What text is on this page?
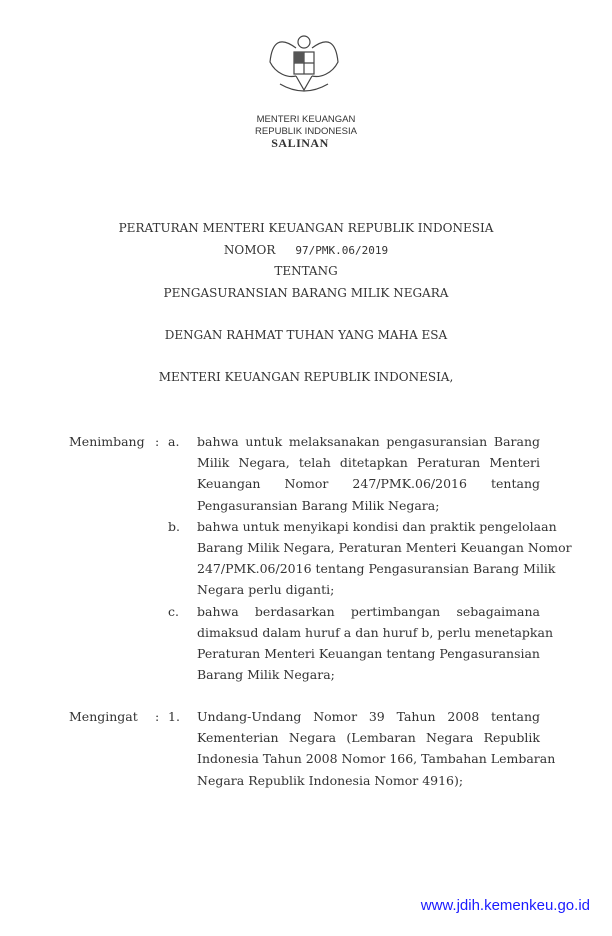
MENTERI KEUANGAN
REPUBLIK INDONESIA
SALINAN
PERATURAN MENTERI KEUANGAN REPUBLIK INDONESIA
NOMOR 97/PMK.06/2019
TENTANG
PENGASURANSIAN BARANG MILIK NEGARA
DENGAN RAHMAT TUHAN YANG MAHA ESA
MENTERI KEUANGAN REPUBLIK INDONESIA,
Menimbang : a. bahwa untuk melaksanakan pengasuransian Barang
Milik Negara, telah ditetapkan Peraturan Menteri
Keuangan Nomor 247/PMK.06/2016 tentang
Pengasuransian Barang Milik Negara;
b. bahwa untuk menyikapi kondisi dan praktik pengelolaan
Barang Milik Negara, Peraturan Menteri Keuangan Nomor
247/PMK.06/2016 tentang Pengasuransian Barang Milik
Negara perlu diganti;
c. bahwa berdasarkan pertimbangan sebagaimana
dimaksud dalam huruf a dan huruf b, perlu menetapkan
Peraturan Menteri Keuangan tentang Pengasuransian
Barang Milik Negara;
Mengingat : 1. Undang-Undang Nomor 39 Tahun 2008 tentang
Kementerian Negara (Lembaran Negara Republik
Indonesia Tahun 2008 Nomor 166, Tambahan Lembaran
Negara Republik Indonesia Nomor 4916);
www.jdih.kemenkeu.go.id
